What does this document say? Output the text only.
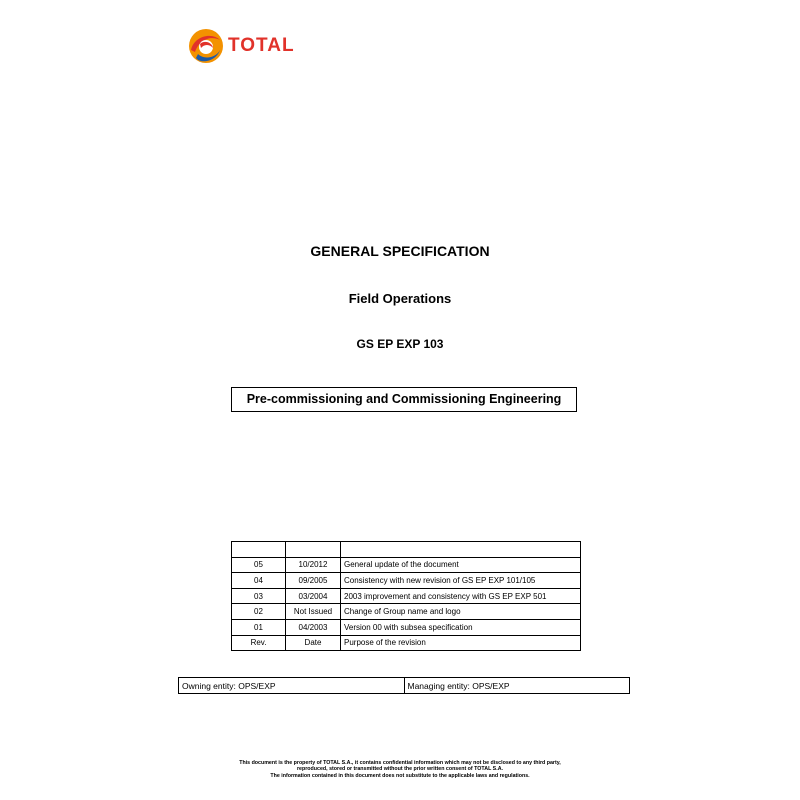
TOTAL
GENERAL SPECIFICATION
Field Operations
GS EP EXP 103
Pre-commissioning and Commissioning Engineering

05	10/2012	General update of the document
04	09/2005	Consistency with new revision of GS EP EXP 101/105
03	03/2004	2003 improvement and consistency with GS EP EXP 501
02	Not Issued	Change of Group name and logo
01	04/2003	Version 00 with subsea specification
Rev.	Date	Purpose of the revision
Owning entity: OPS/EXP	Managing entity: OPS/EXP
This document is the property of TOTAL S.A., it contains confidential information which may not be disclosed to any third party,
reproduced, stored or transmitted without the prior written consent of TOTAL S.A.
The information contained in this document does not substitute to the applicable laws and regulations.
